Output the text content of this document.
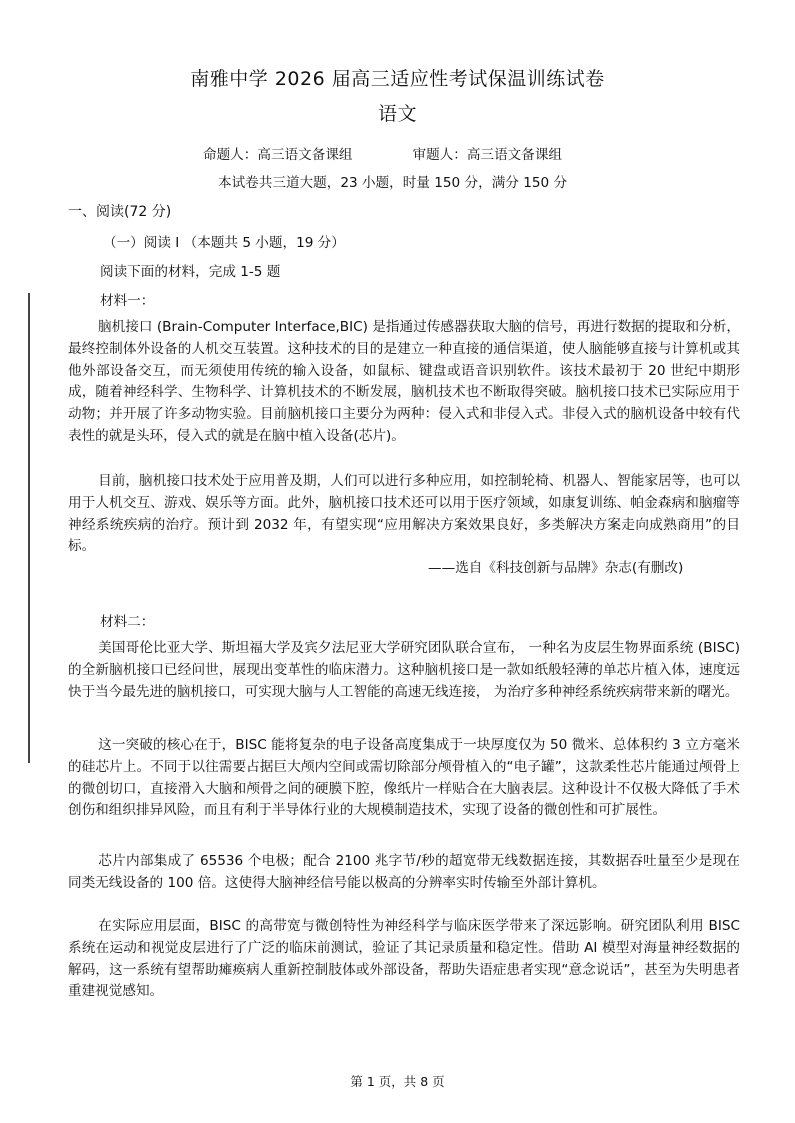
南雅中学 2026 届高三适应性考试保温训练试卷
语文
命题人：高三语文备课组	审题人：高三语文备课组
本试卷共三道大题，23 小题，时量 150 分，满分 150 分
一、阅读(72 分)
（一）阅读 I （本题共 5 小题，19 分）
阅读下面的材料，完成 1-5 题
材料一：

脑机接口 (Brain-Computer Interface,BIC) 是指通过传感器获取大脑的信号，再进行数据的提取和分析，最终控制体外设备的人机交互装置。这种技术的目的是建立一种直接的通信渠道，使人脑能够直接与计算机或其他外部设备交互，而无须使用传统的输入设备，如鼠标、键盘或语音识别软件。该技术最初于 20 世纪中期形成，随着神经科学、生物科学、计算机技术的不断发展，脑机技术也不断取得突破。脑机接口技术已实际应用于动物；并开展了许多动物实验。目前脑机接口主要分为两种：侵入式和非侵入式。非侵入式的脑机设备中较有代表性的就是头环，侵入式的就是在脑中植入设备(芯片)。

目前，脑机接口技术处于应用普及期，人们可以进行多种应用，如控制轮椅、机器人、智能家居等，也可以用于人机交互、游戏、娱乐等方面。此外，脑机接口技术还可以用于医疗领域，如康复训练、帕金森病和脑瘤等神经系统疾病的治疗。预计到 2032 年，有望实现“应用解决方案效果良好，多类解决方案走向成熟商用”的目标。

——选自《科技创新与品牌》杂志(有删改)
材料二：

美国哥伦比亚大学、斯坦福大学及宾夕法尼亚大学研究团队联合宣布， 一种名为皮层生物界面系统 (BISC) 的全新脑机接口已经问世，展现出变革性的临床潜力。这种脑机接口是一款如纸般轻薄的单芯片植入体，速度远快于当今最先进的脑机接口，可实现大脑与人工智能的高速无线连接， 为治疗多种神经系统疾病带来新的曙光。

这一突破的核心在于，BISC 能将复杂的电子设备高度集成于一块厚度仅为 50 微米、总体积约 3 立方毫米的硅芯片上。不同于以往需要占据巨大颅内空间或需切除部分颅骨植入的“电子罐”，这款柔性芯片能通过颅骨上的微创切口，直接滑入大脑和颅骨之间的硬膜下腔，像纸片一样贴合在大脑表层。这种设计不仅极大降低了手术创伤和组织排异风险，而且有利于半导体行业的大规模制造技术，实现了设备的微创性和可扩展性。

芯片内部集成了 65536 个电极；配合 2100 兆字节/秒的超宽带无线数据连接，其数据吞吐量至少是现在同类无线设备的 100 倍。这使得大脑神经信号能以极高的分辨率实时传输至外部计算机。

在实际应用层面，BISC 的高带宽与微创特性为神经科学与临床医学带来了深远影响。研究团队利用 BISC 系统在运动和视觉皮层进行了广泛的临床前测试，验证了其记录质量和稳定性。借助 AI 模型对海量神经数据的解码，这一系统有望帮助瘫痪病人重新控制肢体或外部设备，帮助失语症患者实现“意念说话”，甚至为失明患者重建视觉感知。

第 1 页，共 8 页
